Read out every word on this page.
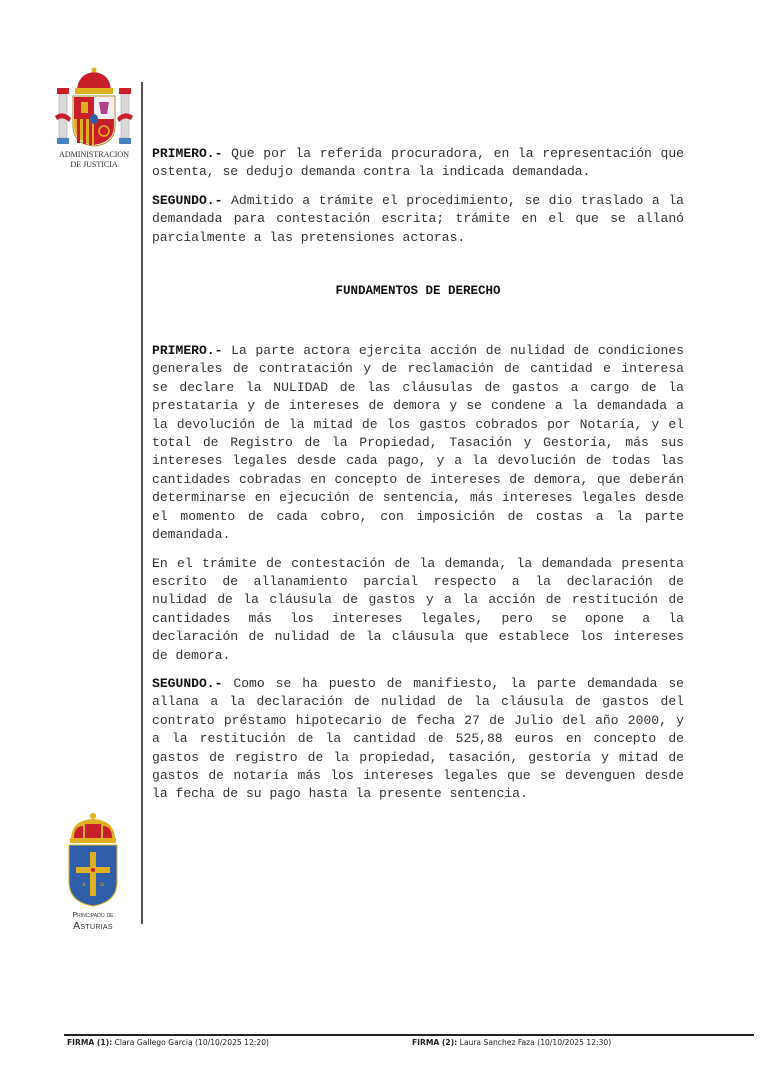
ADMINISTRACION
DE JUSTICIA

PRIMERO.- Que por la referida procuradora, en la representación que ostenta, se dedujo demanda contra la indicada demandada.

SEGUNDO.- Admitido a trámite el procedimiento, se dio traslado a la demandada para contestación escrita; trámite en el que se allanó parcialmente a las pretensiones actoras.

FUNDAMENTOS DE DERECHO

PRIMERO.- La parte actora ejercita acción de nulidad de condiciones generales de contratación y de reclamación de cantidad e interesa se declare la NULIDAD de las cláusulas de gastos a cargo de la prestataria y de intereses de demora y se condene a la demandada a la devolución de la mitad de los gastos cobrados por Notaría, y el total de Registro de la Propiedad, Tasación y Gestoría, más sus intereses legales desde cada pago, y a la devolución de todas las cantidades cobradas en concepto de intereses de demora, que deberán determinarse en ejecución de sentencia, más intereses legales desde el momento de cada cobro, con imposición de costas a la parte demandada.

En el trámite de contestación de la demanda, la demandada presenta escrito de allanamiento parcial respecto a la declaración de nulidad de la cláusula de gastos y a la acción de restitución de cantidades más los intereses legales, pero se opone a la declaración de nulidad de la cláusula que establece los intereses de demora.

SEGUNDO.- Como se ha puesto de manifiesto, la parte demandada se allana a la declaración de nulidad de la cláusula de gastos del contrato préstamo hipotecario de fecha 27 de Julio del año 2000, y a la restitución de la cantidad de 525,88 euros en concepto de gastos de registro de la propiedad, tasación, gestoría y mitad de gastos de notaría más los intereses legales que se devenguen desde la fecha de su pago hasta la presente sentencia.

A	Ω
Principado de
Asturias
FIRMA (1): Clara Gallego Garcia (10/10/2025 12:20)	FIRMA (2): Laura Sanchez Faza (10/10/2025 12:30)
